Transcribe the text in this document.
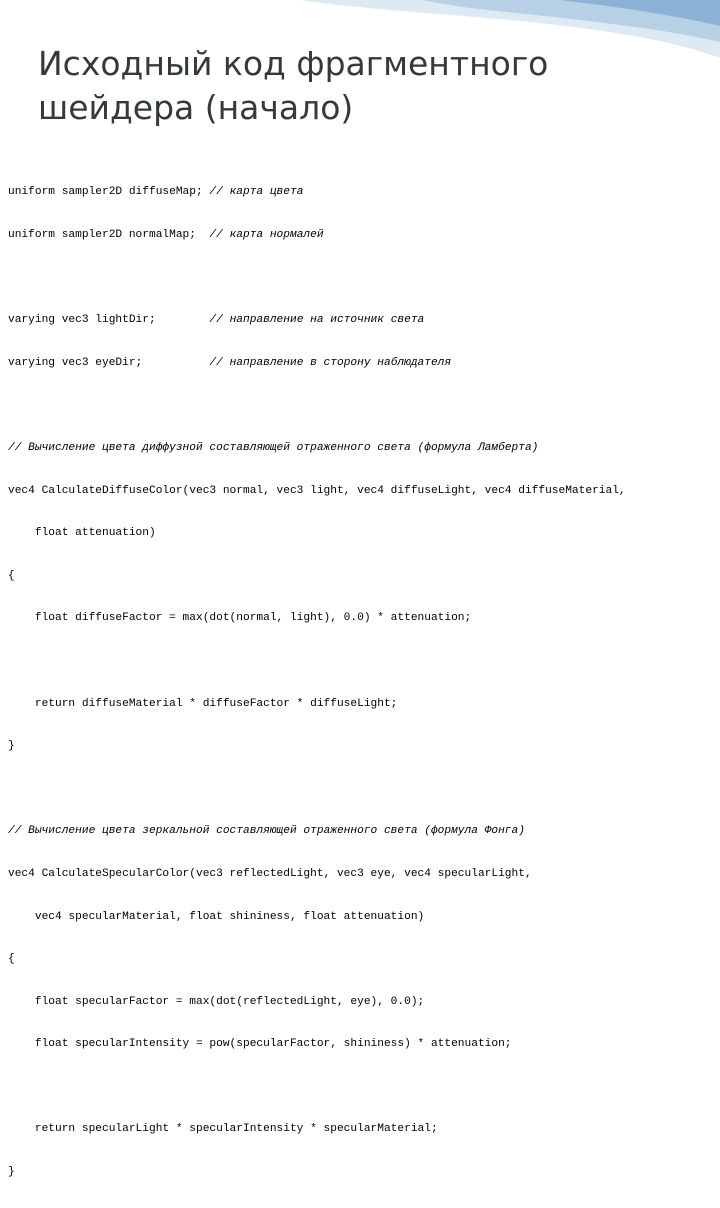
Исходный код фрагментного
шейдера (начало)

uniform sampler2D diffuseMap; // карта цвета

uniform sampler2D normalMap;  // карта нормалей

varying vec3 lightDir;        // направление на источник света

varying vec3 eyeDir;          // направление в сторону наблюдателя

// Вычисление цвета диффузной составляющей отраженного света (формула Ламберта)

vec4 CalculateDiffuseColor(vec3 normal, vec3 light, vec4 diffuseLight, vec4 diffuseMaterial,

float attenuation)

{

float diffuseFactor = max(dot(normal, light), 0.0) * attenuation;

return diffuseMaterial * diffuseFactor * diffuseLight;

}

// Вычисление цвета зеркальной составляющей отраженного света (формула Фонга)

vec4 CalculateSpecularColor(vec3 reflectedLight, vec3 eye, vec4 specularLight,

vec4 specularMaterial, float shininess, float attenuation)

{

float specularFactor = max(dot(reflectedLight, eye), 0.0);

float specularIntensity = pow(specularFactor, shininess) * attenuation;

return specularLight * specularIntensity * specularMaterial;

}
